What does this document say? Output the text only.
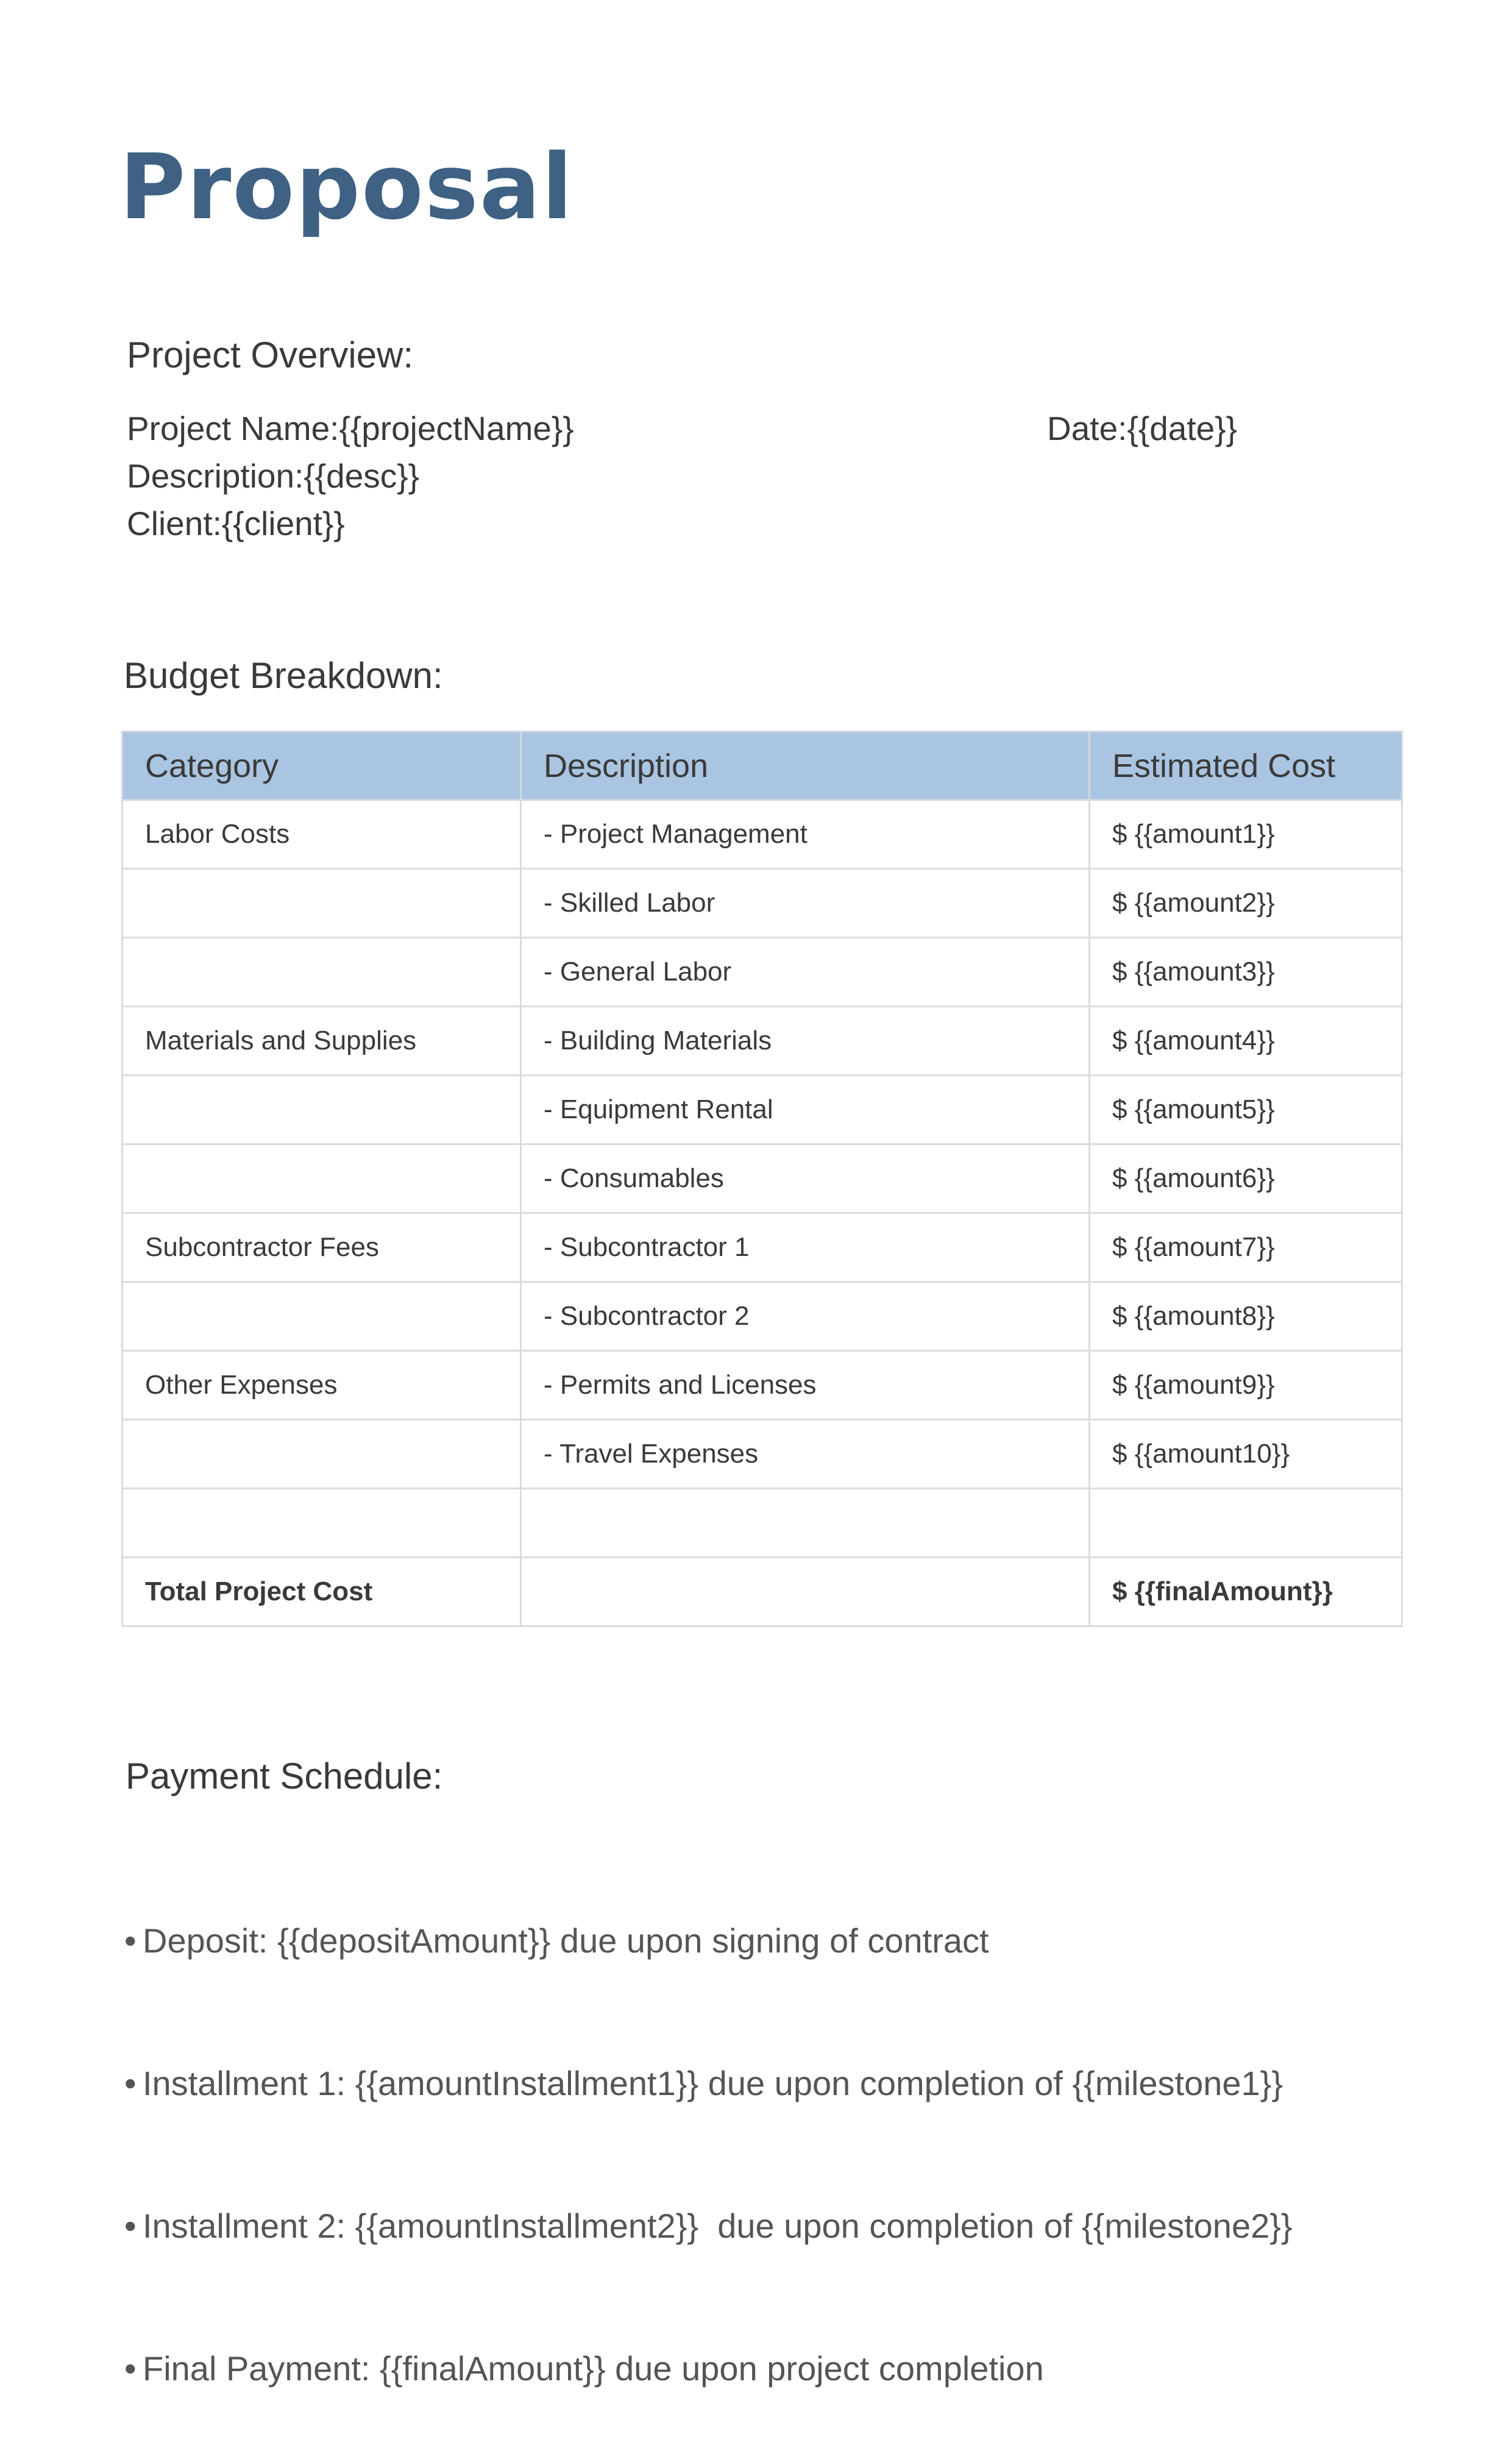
Proposal
Project Overview:
Project Name:{{projectName}}	Date:{{date}}
Description:{{desc}}
Client:{{client}}
Budget Breakdown:
Category	Description	Estimated Cost
Labor Costs	- Project Management	$ {{amount1}}
	- Skilled Labor	$ {{amount2}}
	- General Labor	$ {{amount3}}
Materials and Supplies	- Building Materials	$ {{amount4}}
	- Equipment Rental	$ {{amount5}}
	- Consumables	$ {{amount6}}
Subcontractor Fees	- Subcontractor 1	$ {{amount7}}
	- Subcontractor 2	$ {{amount8}}
Other Expenses	- Permits and Licenses	$ {{amount9}}
	- Travel Expenses	$ {{amount10}}

Total Project Cost		$ {{finalAmount}}
Payment Schedule:

• Deposit: {{depositAmount}} due upon signing of contract

• Installment 1: {{amountInstallment1}} due upon completion of {{milestone1}}

• Installment 2: {{amountInstallment2}}  due upon completion of {{milestone2}}

• Final Payment: {{finalAmount}} due upon project completion
